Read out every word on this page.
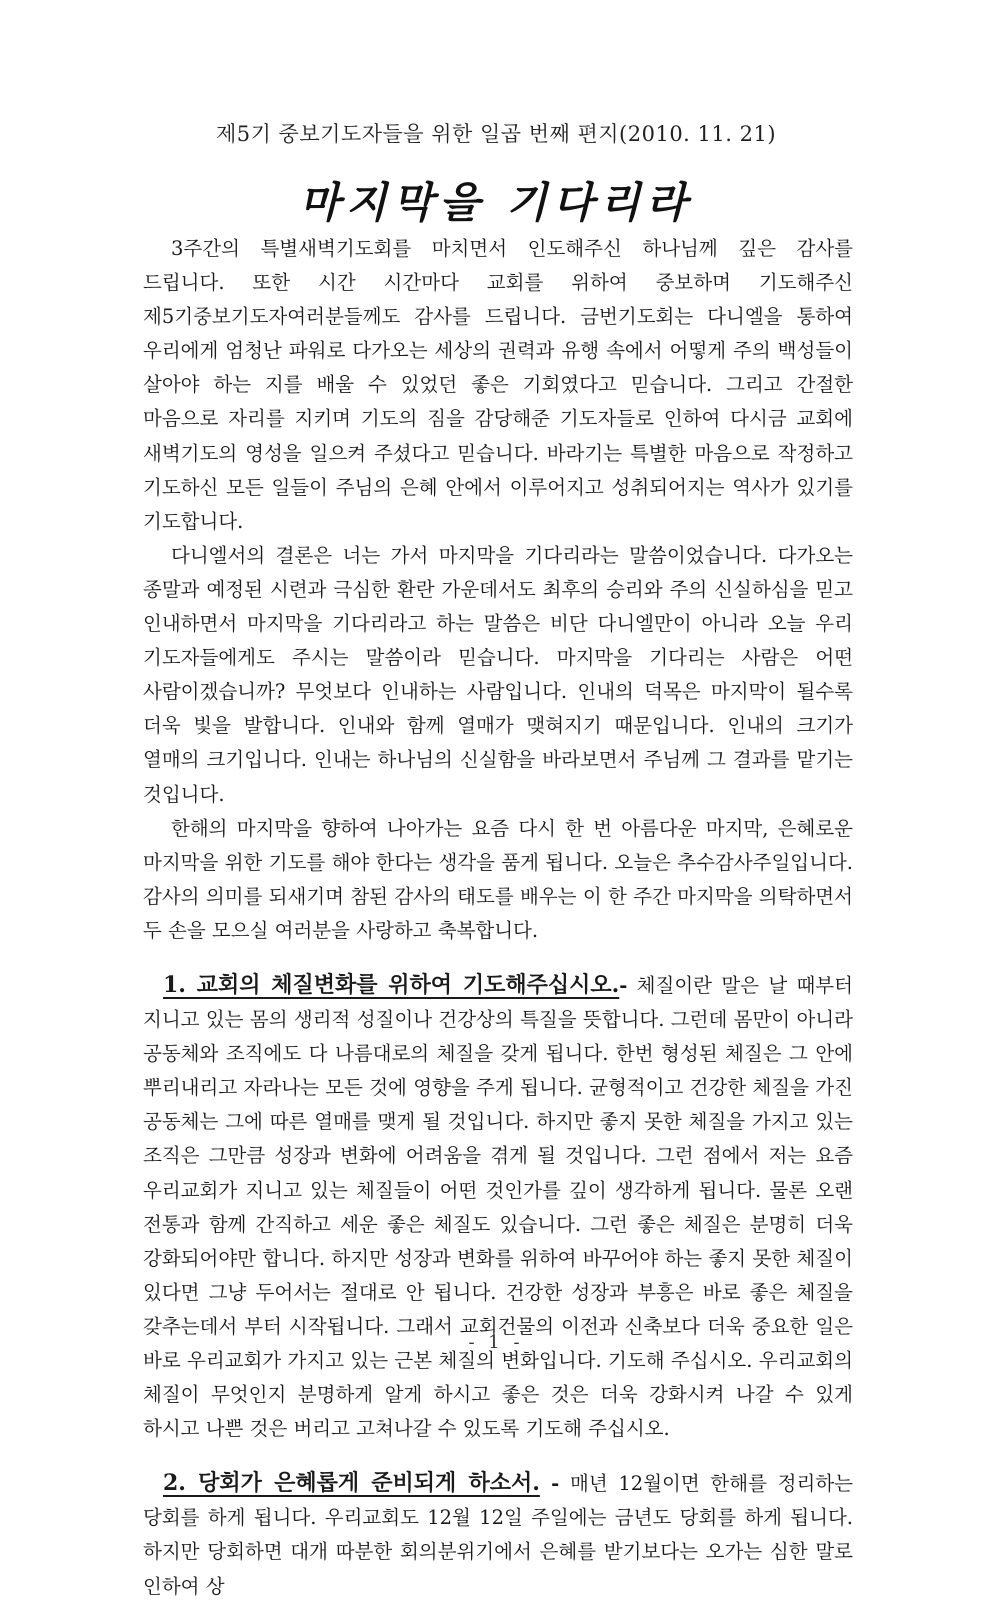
제5기 중보기도자들을 위한 일곱 번째 편지(2010. 11. 21)
마지막을 기다리라

3주간의 특별새벽기도회를 마치면서 인도해주신 하나님께 깊은 감사를 드립니다. 또한 시간 시간마다 교회를 위하여 중보하며 기도해주신 제5기중보기도자여러분들께도 감사를 드립니다. 금번기도회는 다니엘을 통하여 우리에게 엄청난 파워로 다가오는 세상의 권력과 유행 속에서 어떻게 주의 백성들이 살아야 하는 지를 배울 수 있었던 좋은 기회였다고 믿습니다. 그리고 간절한 마음으로 자리를 지키며 기도의 짐을 감당해준 기도자들로 인하여 다시금 교회에 새벽기도의 영성을 일으켜 주셨다고 믿습니다. 바라기는 특별한 마음으로 작정하고 기도하신 모든 일들이 주님의 은혜 안에서 이루어지고 성취되어지는 역사가 있기를 기도합니다.

다니엘서의 결론은 너는 가서 마지막을 기다리라는 말씀이었습니다. 다가오는 종말과 예정된 시련과 극심한 환란 가운데서도 최후의 승리와 주의 신실하심을 믿고 인내하면서 마지막을 기다리라고 하는 말씀은 비단 다니엘만이 아니라 오늘 우리 기도자들에게도 주시는 말씀이라 믿습니다. 마지막을 기다리는 사람은 어떤 사람이겠습니까? 무엇보다 인내하는 사람입니다. 인내의 덕목은 마지막이 될수록 더욱 빛을 발합니다. 인내와 함께 열매가 맺혀지기 때문입니다. 인내의 크기가 열매의 크기입니다. 인내는 하나님의 신실함을 바라보면서 주님께 그 결과를 맡기는 것입니다.

한해의 마지막을 향하여 나아가는 요즘 다시 한 번 아름다운 마지막, 은혜로운 마지막을 위한 기도를 해야 한다는 생각을 품게 됩니다. 오늘은 추수감사주일입니다. 감사의 의미를 되새기며 참된 감사의 태도를 배우는 이 한 주간 마지막을 의탁하면서 두 손을 모으실 여러분을 사랑하고 축복합니다.

1. 교회의 체질변화를 위하여 기도해주십시오.- 체질이란 말은 날 때부터 지니고 있는 몸의 생리적 성질이나 건강상의 특질을 뜻합니다. 그런데 몸만이 아니라 공동체와 조직에도 다 나름대로의 체질을 갖게 됩니다. 한번 형성된 체질은 그 안에 뿌리내리고 자라나는 모든 것에 영향을 주게 됩니다. 균형적이고 건강한 체질을 가진 공동체는 그에 따른 열매를 맺게 될 것입니다. 하지만 좋지 못한 체질을 가지고 있는 조직은 그만큼 성장과 변화에 어려움을 겪게 될 것입니다. 그런 점에서 저는 요즘 우리교회가 지니고 있는 체질들이 어떤 것인가를 깊이 생각하게 됩니다. 물론 오랜 전통과 함께 간직하고 세운 좋은 체질도 있습니다. 그런 좋은 체질은 분명히 더욱 강화되어야만 합니다. 하지만 성장과 변화를 위하여 바꾸어야 하는 좋지 못한 체질이 있다면 그냥 두어서는 절대로 안 됩니다. 건강한 성장과 부흥은 바로 좋은 체질을 갖추는데서 부터 시작됩니다. 그래서 교회건물의 이전과 신축보다 더욱 중요한 일은 바로 우리교회가 가지고 있는 근본 체질의 변화입니다. 기도해 주십시오. 우리교회의 체질이 무엇인지 분명하게 알게 하시고 좋은 것은 더욱 강화시켜 나갈 수 있게 하시고 나쁜 것은 버리고 고쳐나갈 수 있도록 기도해 주십시오.

2. 당회가 은혜롭게 준비되게 하소서. - 매년 12월이면 한해를 정리하는 당회를 하게 됩니다. 우리교회도 12월 12일 주일에는 금년도 당회를 하게 됩니다. 하지만 당회하면 대개 따분한 회의분위기에서 은혜를 받기보다는 오가는 심한 말로 인하여 상

- 1 -
